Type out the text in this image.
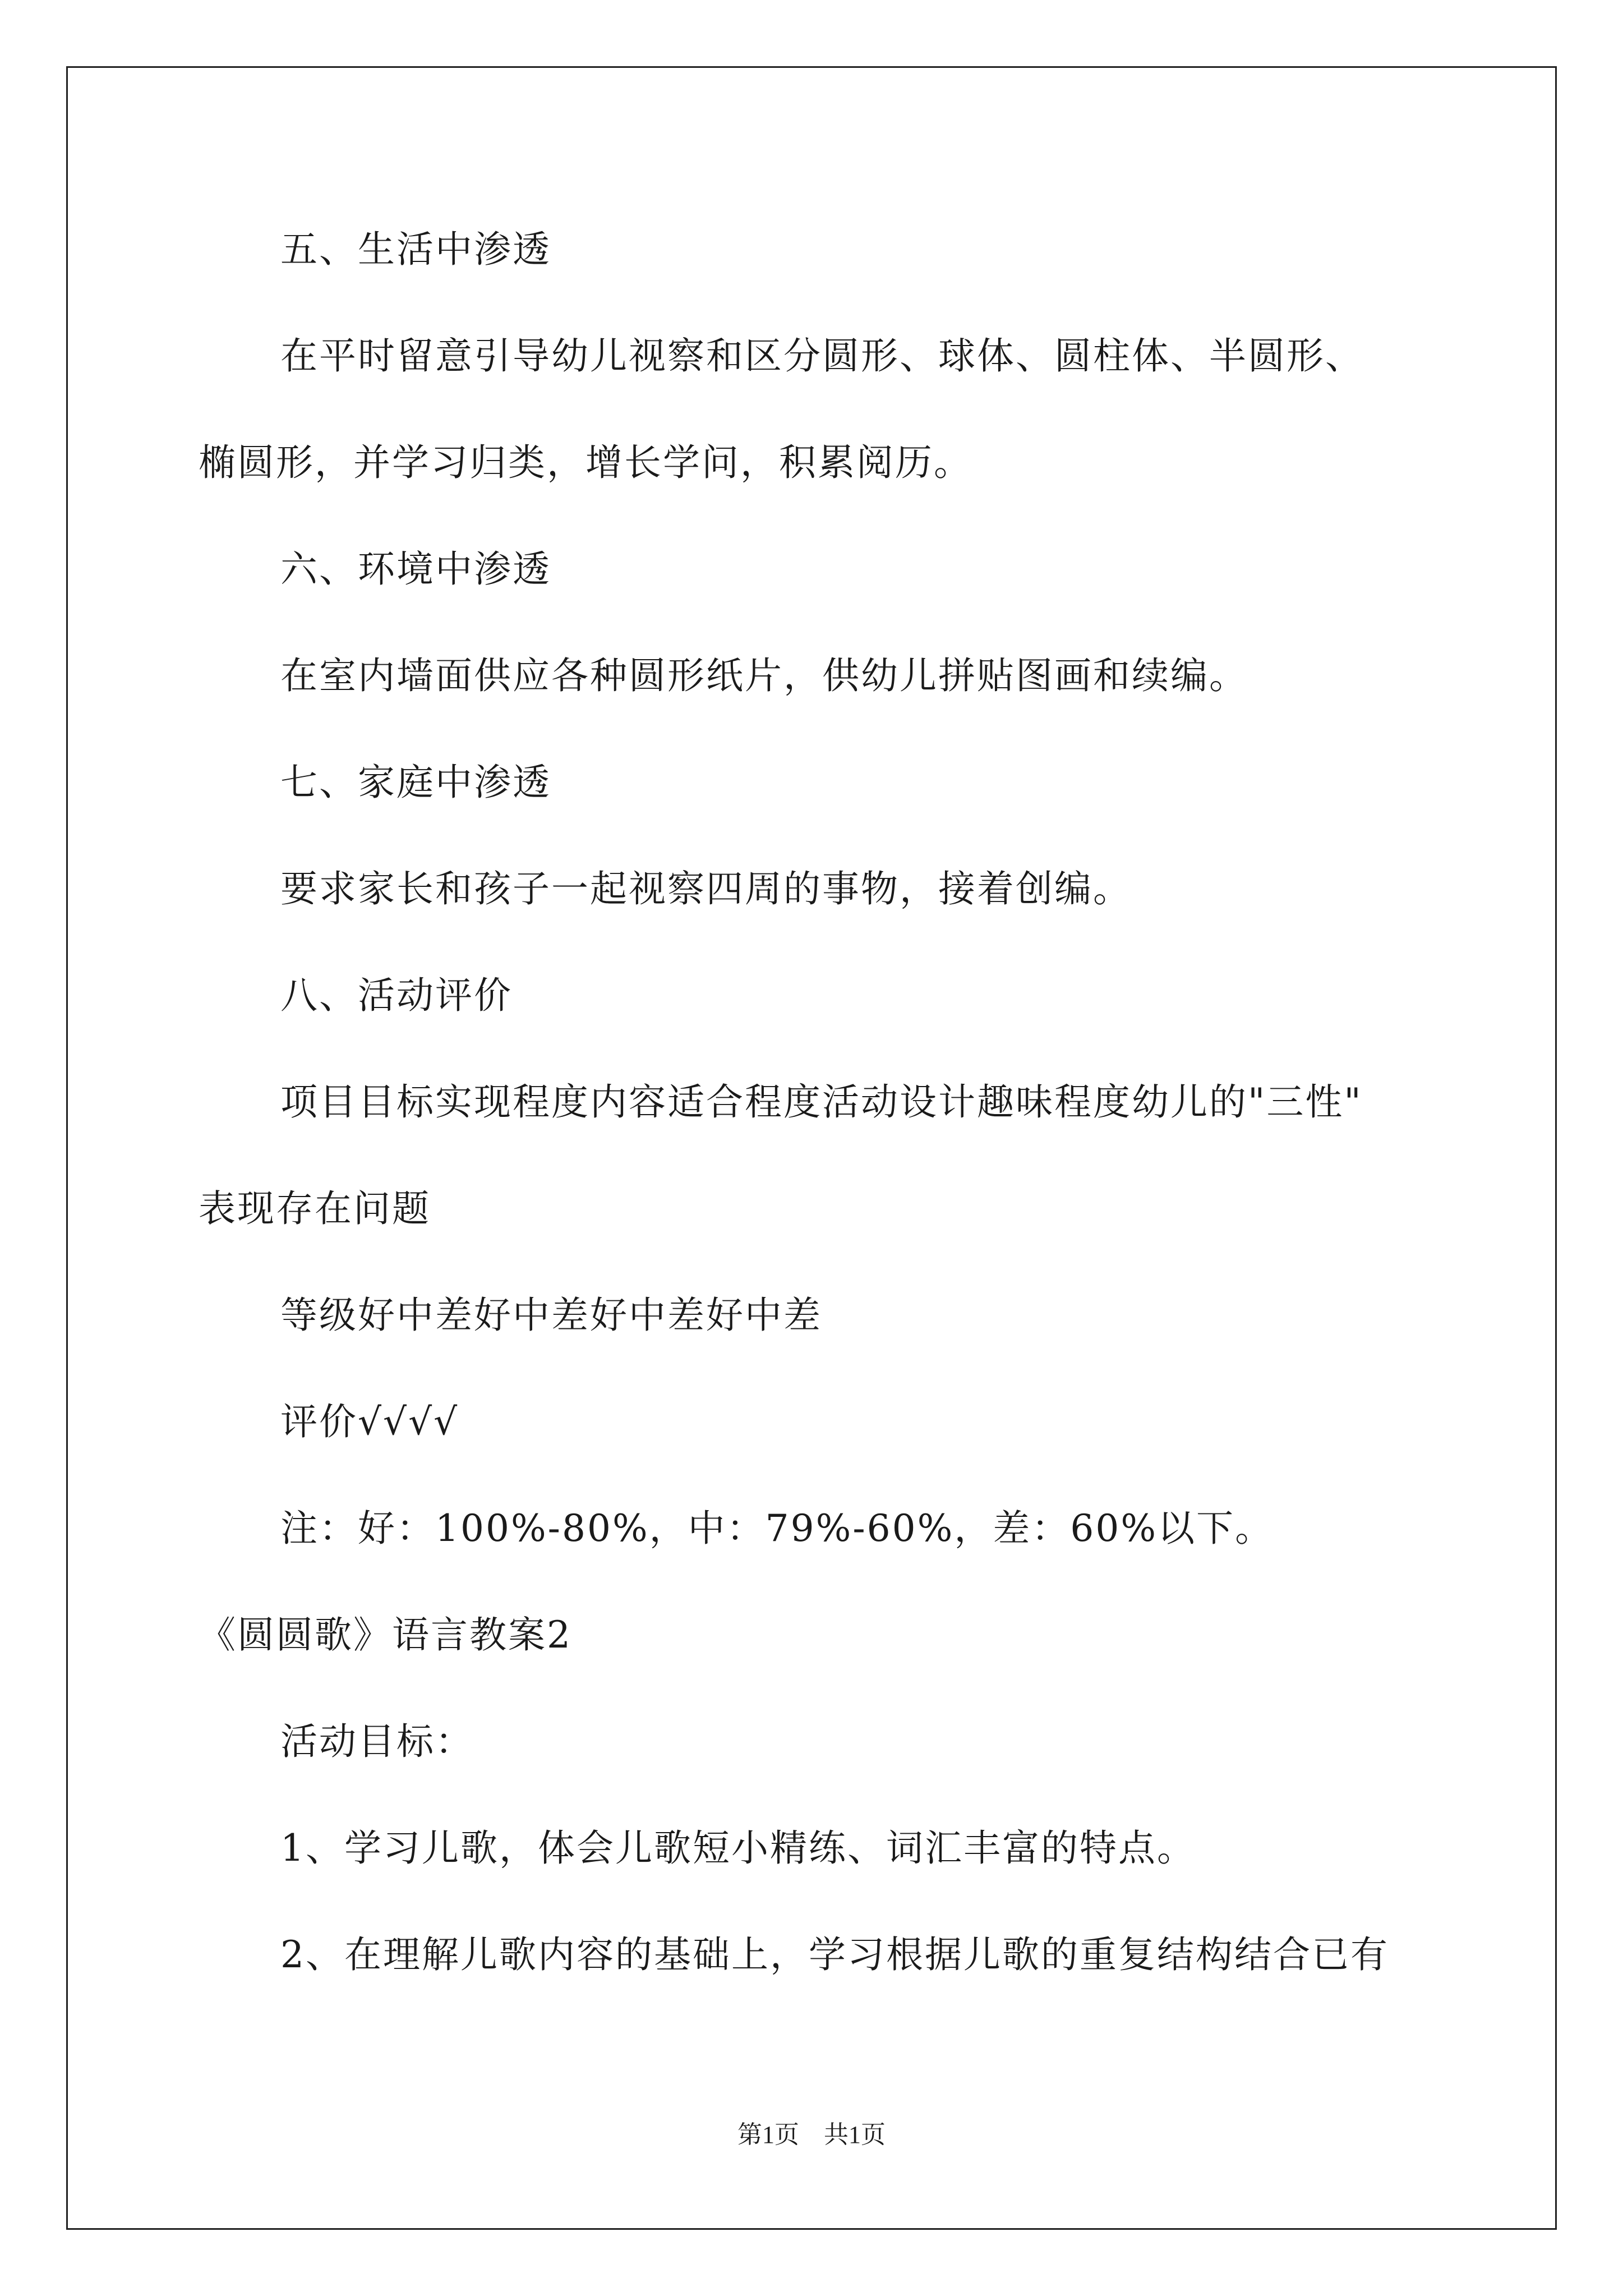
五、生活中渗透
在平时留意引导幼儿视察和区分圆形、球体、圆柱体、半圆形、
椭圆形，并学习归类，增长学问，积累阅历。
六、环境中渗透
在室内墙面供应各种圆形纸片，供幼儿拼贴图画和续编。
七、家庭中渗透
要求家长和孩子一起视察四周的事物，接着创编。
八、活动评价
项目目标实现程度内容适合程度活动设计趣味程度幼儿的"三性"
表现存在问题
等级好中差好中差好中差好中差
评价√√√√
注：好：100%-80%，中：79%-60%，差：60%以下。
《圆圆歌》语言教案2
活动目标：
1、学习儿歌，体会儿歌短小精练、词汇丰富的特点。
2、在理解儿歌内容的基础上，学习根据儿歌的重复结构结合已有
第1页　共1页
